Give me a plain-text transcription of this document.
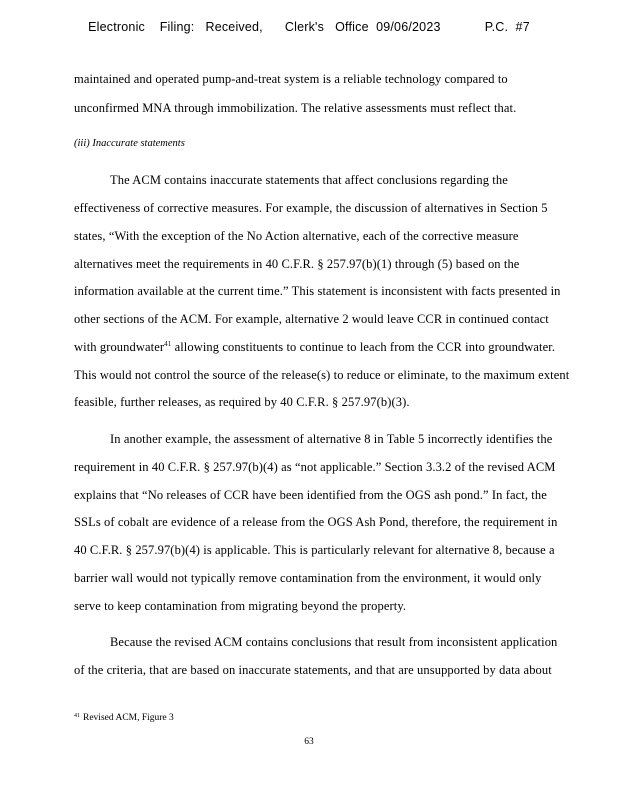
Electronic    Filing:   Received,      Clerk's   Office  09/06/2023            P.C.  #7
maintained and operated pump-and-treat system is a reliable technology compared to
unconfirmed MNA through immobilization. The relative assessments must reflect that.
(iii) Inaccurate statements
The ACM contains inaccurate statements that affect conclusions regarding the
effectiveness of corrective measures. For example, the discussion of alternatives in Section 5
states, “With the exception of the No Action alternative, each of the corrective measure
alternatives meet the requirements in 40 C.F.R. § 257.97(b)(1) through (5) based on the
information available at the current time.” This statement is inconsistent with facts presented in
other sections of the ACM. For example, alternative 2 would leave CCR in continued contact
with groundwater$^{41}$ allowing constituents to continue to leach from the CCR into groundwater.
This would not control the source of the release(s) to reduce or eliminate, to the maximum extent
feasible, further releases, as required by 40 C.F.R. § 257.97(b)(3).
In another example, the assessment of alternative 8 in Table 5 incorrectly identifies the
requirement in 40 C.F.R. § 257.97(b)(4) as “not applicable.” Section 3.3.2 of the revised ACM
explains that “No releases of CCR have been identified from the OGS ash pond.” In fact, the
SSLs of cobalt are evidence of a release from the OGS Ash Pond, therefore, the requirement in
40 C.F.R. § 257.97(b)(4) is applicable. This is particularly relevant for alternative 8, because a
barrier wall would not typically remove contamination from the environment, it would only
serve to keep contamination from migrating beyond the property.
Because the revised ACM contains conclusions that result from inconsistent application
of the criteria, that are based on inaccurate statements, and that are unsupported by data about
$^{41}$ Revised ACM, Figure 3
63
